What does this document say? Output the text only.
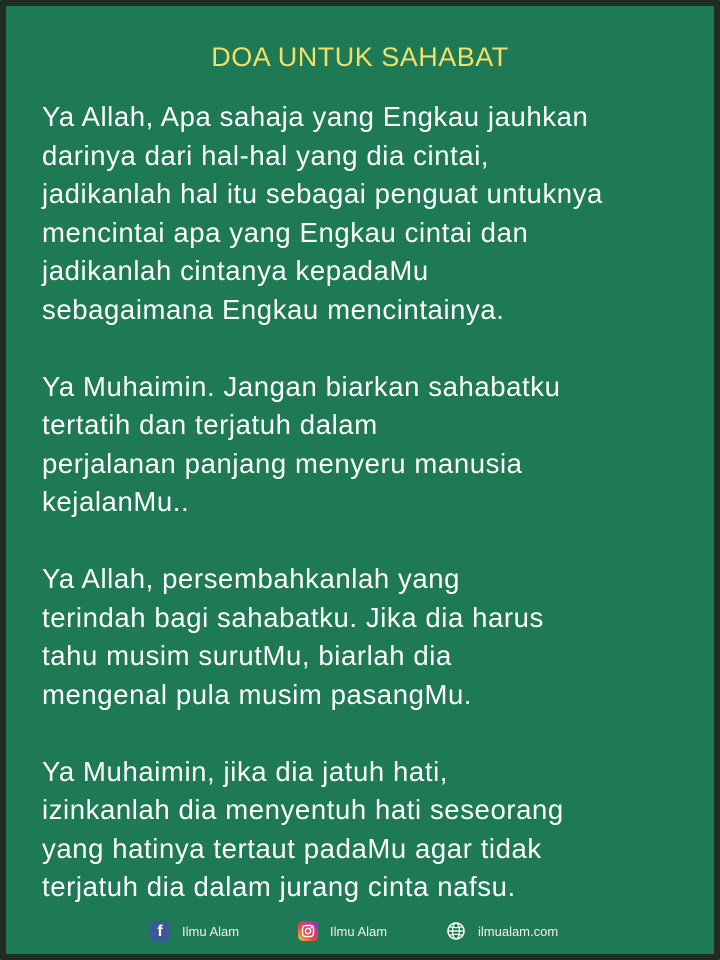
DOA UNTUK SAHABAT

Ya Allah, Apa sahaja yang Engkau jauhkan
darinya dari hal-hal yang dia cintai,
jadikanlah hal itu sebagai penguat untuknya
mencintai apa yang Engkau cintai dan
jadikanlah cintanya kepadaMu
sebagaimana Engkau mencintainya.

Ya Muhaimin. Jangan biarkan sahabatku
tertatih dan terjatuh dalam
perjalanan panjang menyeru manusia
kejalanMu..

Ya Allah, persembahkanlah yang
terindah bagi sahabatku. Jika dia harus
tahu musim surutMu, biarlah dia
mengenal pula musim pasangMu.

Ya Muhaimin, jika dia jatuh hati,
izinkanlah dia menyentuh hati seseorang
yang hatinya tertaut padaMu agar tidak
terjatuh dia dalam jurang cinta nafsu.

f	Ilmu Alam	Ilmu Alam	ilmualam.com
